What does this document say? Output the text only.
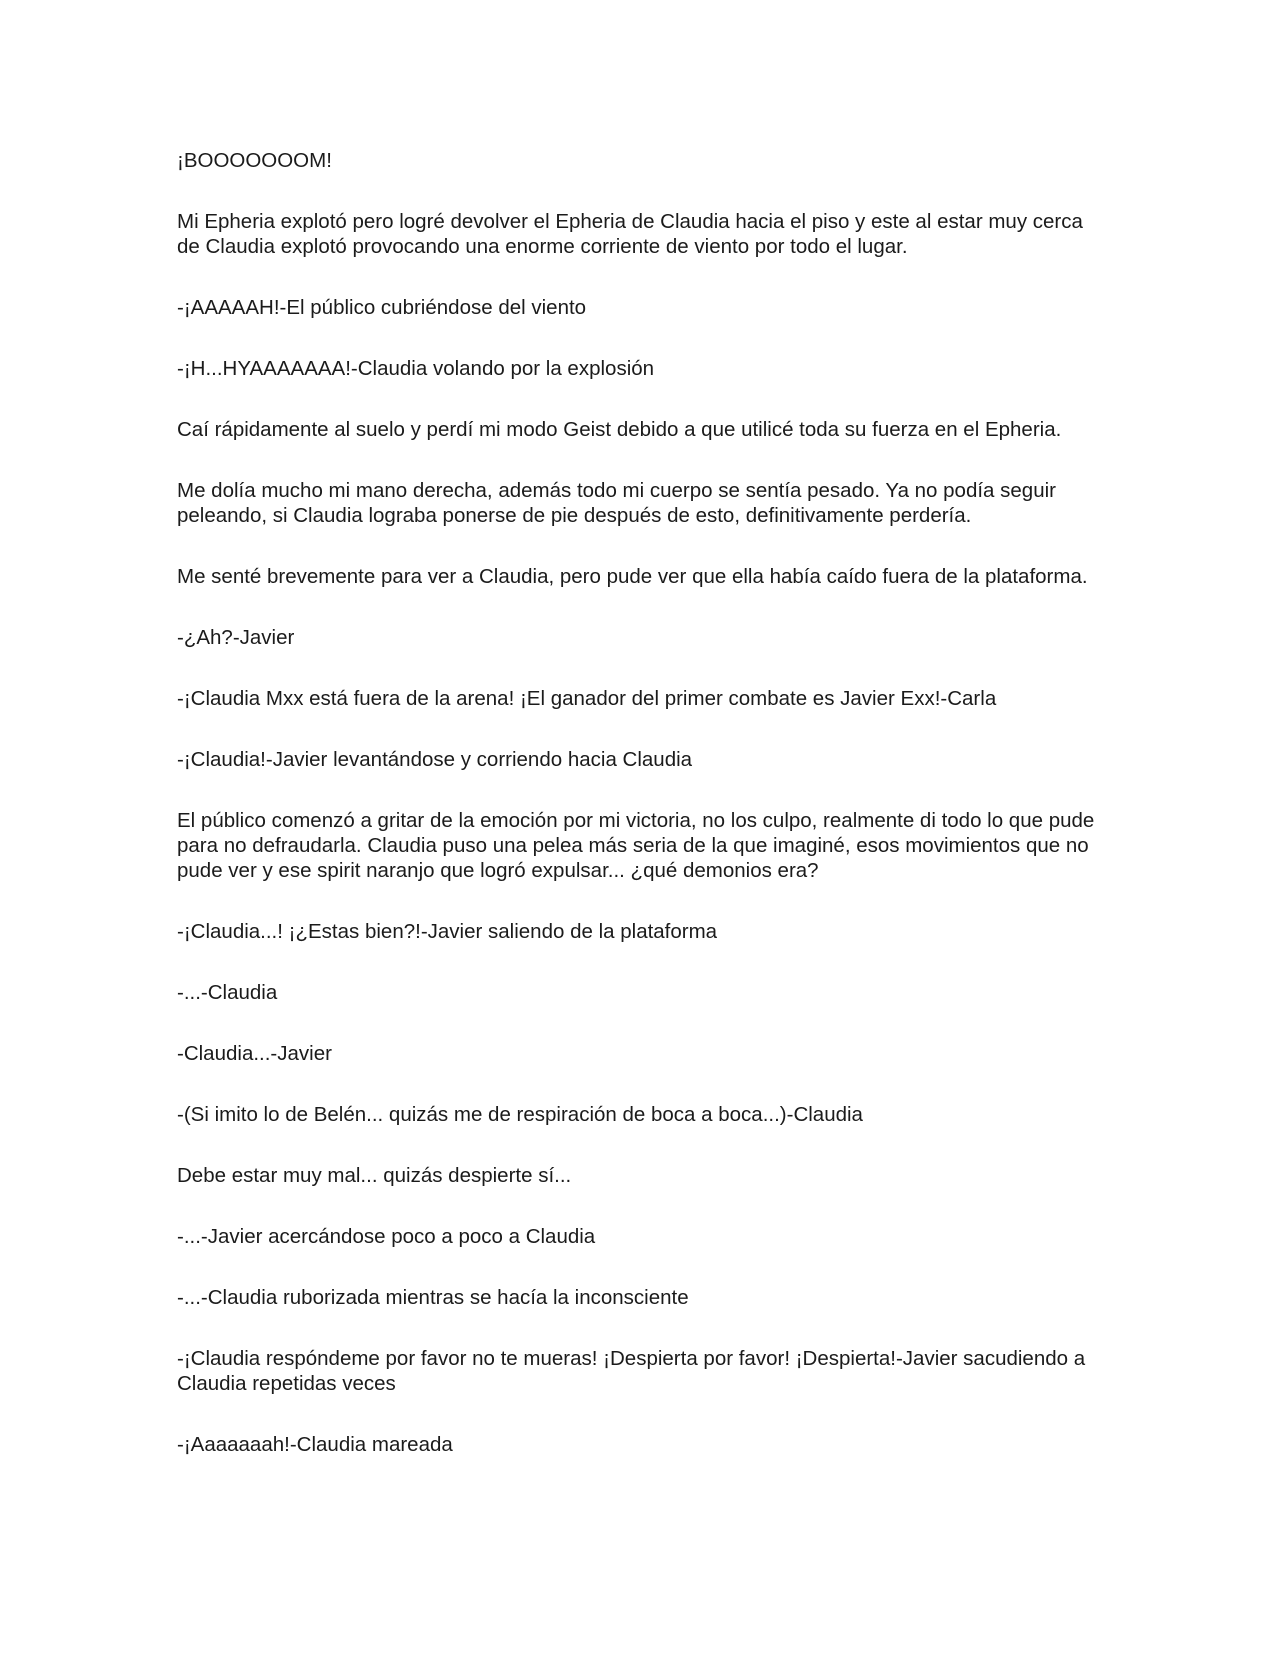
¡BOOOOOOOM!

Mi Epheria explotó pero logré devolver el Epheria de Claudia hacia el piso y este al estar muy cerca de Claudia explotó provocando una enorme corriente de viento por todo el lugar.

-¡AAAAAH!-El público cubriéndose del viento

-¡H...HYAAAAAAA!-Claudia volando por la explosión

Caí rápidamente al suelo y perdí mi modo Geist debido a que utilicé toda su fuerza en el Epheria.

Me dolía mucho mi mano derecha, además todo mi cuerpo se sentía pesado. Ya no podía seguir peleando, si Claudia lograba ponerse de pie después de esto, definitivamente perdería.

Me senté brevemente para ver a Claudia, pero pude ver que ella había caído fuera de la plataforma.

-¿Ah?-Javier

-¡Claudia Mxx está fuera de la arena! ¡El ganador del primer combate es Javier Exx!-Carla

-¡Claudia!-Javier levantándose y corriendo hacia Claudia

El público comenzó a gritar de la emoción por mi victoria, no los culpo, realmente di todo lo que pude para no defraudarla. Claudia puso una pelea más seria de la que imaginé, esos movimientos que no pude ver y ese spirit naranjo que logró expulsar... ¿qué demonios era?

-¡Claudia...! ¡¿Estas bien?!-Javier saliendo de la plataforma

-...-Claudia

-Claudia...-Javier

-(Si imito lo de Belén... quizás me de respiración de boca a boca...)-Claudia

Debe estar muy mal... quizás despierte sí...

-...-Javier acercándose poco a poco a Claudia

-...-Claudia ruborizada mientras se hacía la inconsciente

-¡Claudia respóndeme por favor no te mueras! ¡Despierta por favor! ¡Despierta!-Javier sacudiendo a Claudia repetidas veces

-¡Aaaaaaah!-Claudia mareada
